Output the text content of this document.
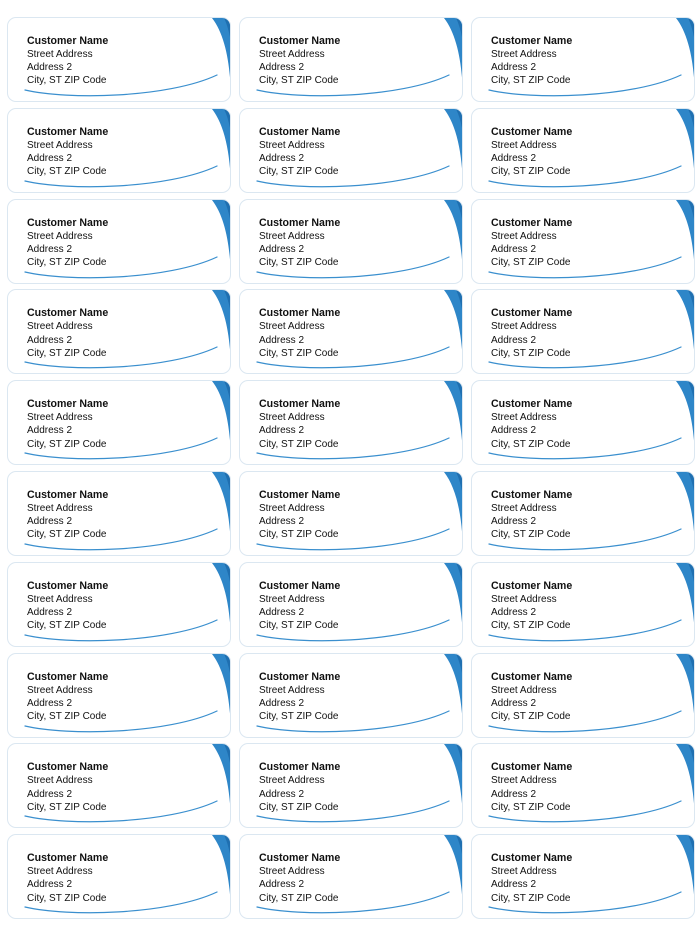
Customer Name
Street Address
Address 2
City, ST ZIP Code
Customer Name
Street Address
Address 2
City, ST ZIP Code
Customer Name
Street Address
Address 2
City, ST ZIP Code
Customer Name
Street Address
Address 2
City, ST ZIP Code
Customer Name
Street Address
Address 2
City, ST ZIP Code
Customer Name
Street Address
Address 2
City, ST ZIP Code
Customer Name
Street Address
Address 2
City, ST ZIP Code
Customer Name
Street Address
Address 2
City, ST ZIP Code
Customer Name
Street Address
Address 2
City, ST ZIP Code
Customer Name
Street Address
Address 2
City, ST ZIP Code
Customer Name
Street Address
Address 2
City, ST ZIP Code
Customer Name
Street Address
Address 2
City, ST ZIP Code
Customer Name
Street Address
Address 2
City, ST ZIP Code
Customer Name
Street Address
Address 2
City, ST ZIP Code
Customer Name
Street Address
Address 2
City, ST ZIP Code
Customer Name
Street Address
Address 2
City, ST ZIP Code
Customer Name
Street Address
Address 2
City, ST ZIP Code
Customer Name
Street Address
Address 2
City, ST ZIP Code
Customer Name
Street Address
Address 2
City, ST ZIP Code
Customer Name
Street Address
Address 2
City, ST ZIP Code
Customer Name
Street Address
Address 2
City, ST ZIP Code
Customer Name
Street Address
Address 2
City, ST ZIP Code
Customer Name
Street Address
Address 2
City, ST ZIP Code
Customer Name
Street Address
Address 2
City, ST ZIP Code
Customer Name
Street Address
Address 2
City, ST ZIP Code
Customer Name
Street Address
Address 2
City, ST ZIP Code
Customer Name
Street Address
Address 2
City, ST ZIP Code
Customer Name
Street Address
Address 2
City, ST ZIP Code
Customer Name
Street Address
Address 2
City, ST ZIP Code
Customer Name
Street Address
Address 2
City, ST ZIP Code
